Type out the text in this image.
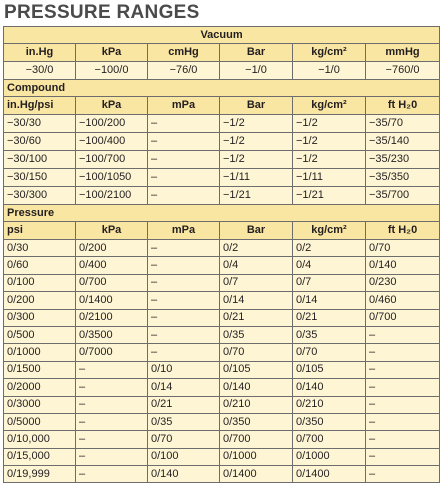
PRESSURE RANGES
Vacuum					
in.Hg	kPa	cmHg	Bar	kg/cm²	mmHg
−30/0	−100/0	−76/0	−1/0	−1/0	−760/0
Compound					
in.Hg/psi	kPa	mPa	Bar	kg/cm²	ft H₂0
−30/30	−100/200	–	−1/2	−1/2	−35/70
−30/60	−100/400	–	−1/2	−1/2	−35/140
−30/100	−100/700	–	−1/2	−1/2	−35/230
−30/150	−100/1050	–	−1/11	−1/11	−35/350
−30/300	−100/2100	–	−1/21	−1/21	−35/700
Pressure					
psi	kPa	mPa	Bar	kg/cm²	ft H₂0
0/30	0/200	–	0/2	0/2	0/70
0/60	0/400	–	0/4	0/4	0/140
0/100	0/700	–	0/7	0/7	0/230
0/200	0/1400	–	0/14	0/14	0/460
0/300	0/2100	–	0/21	0/21	0/700
0/500	0/3500	–	0/35	0/35	–
0/1000	0/7000	–	0/70	0/70	–
0/1500	–	0/10	0/105	0/105	–
0/2000	–	0/14	0/140	0/140	–
0/3000	–	0/21	0/210	0/210	–
0/5000	–	0/35	0/350	0/350	–
0/10,000	–	0/70	0/700	0/700	–
0/15,000	–	0/100	0/1000	0/1000	–
0/19,999	–	0/140	0/1400	0/1400	–
